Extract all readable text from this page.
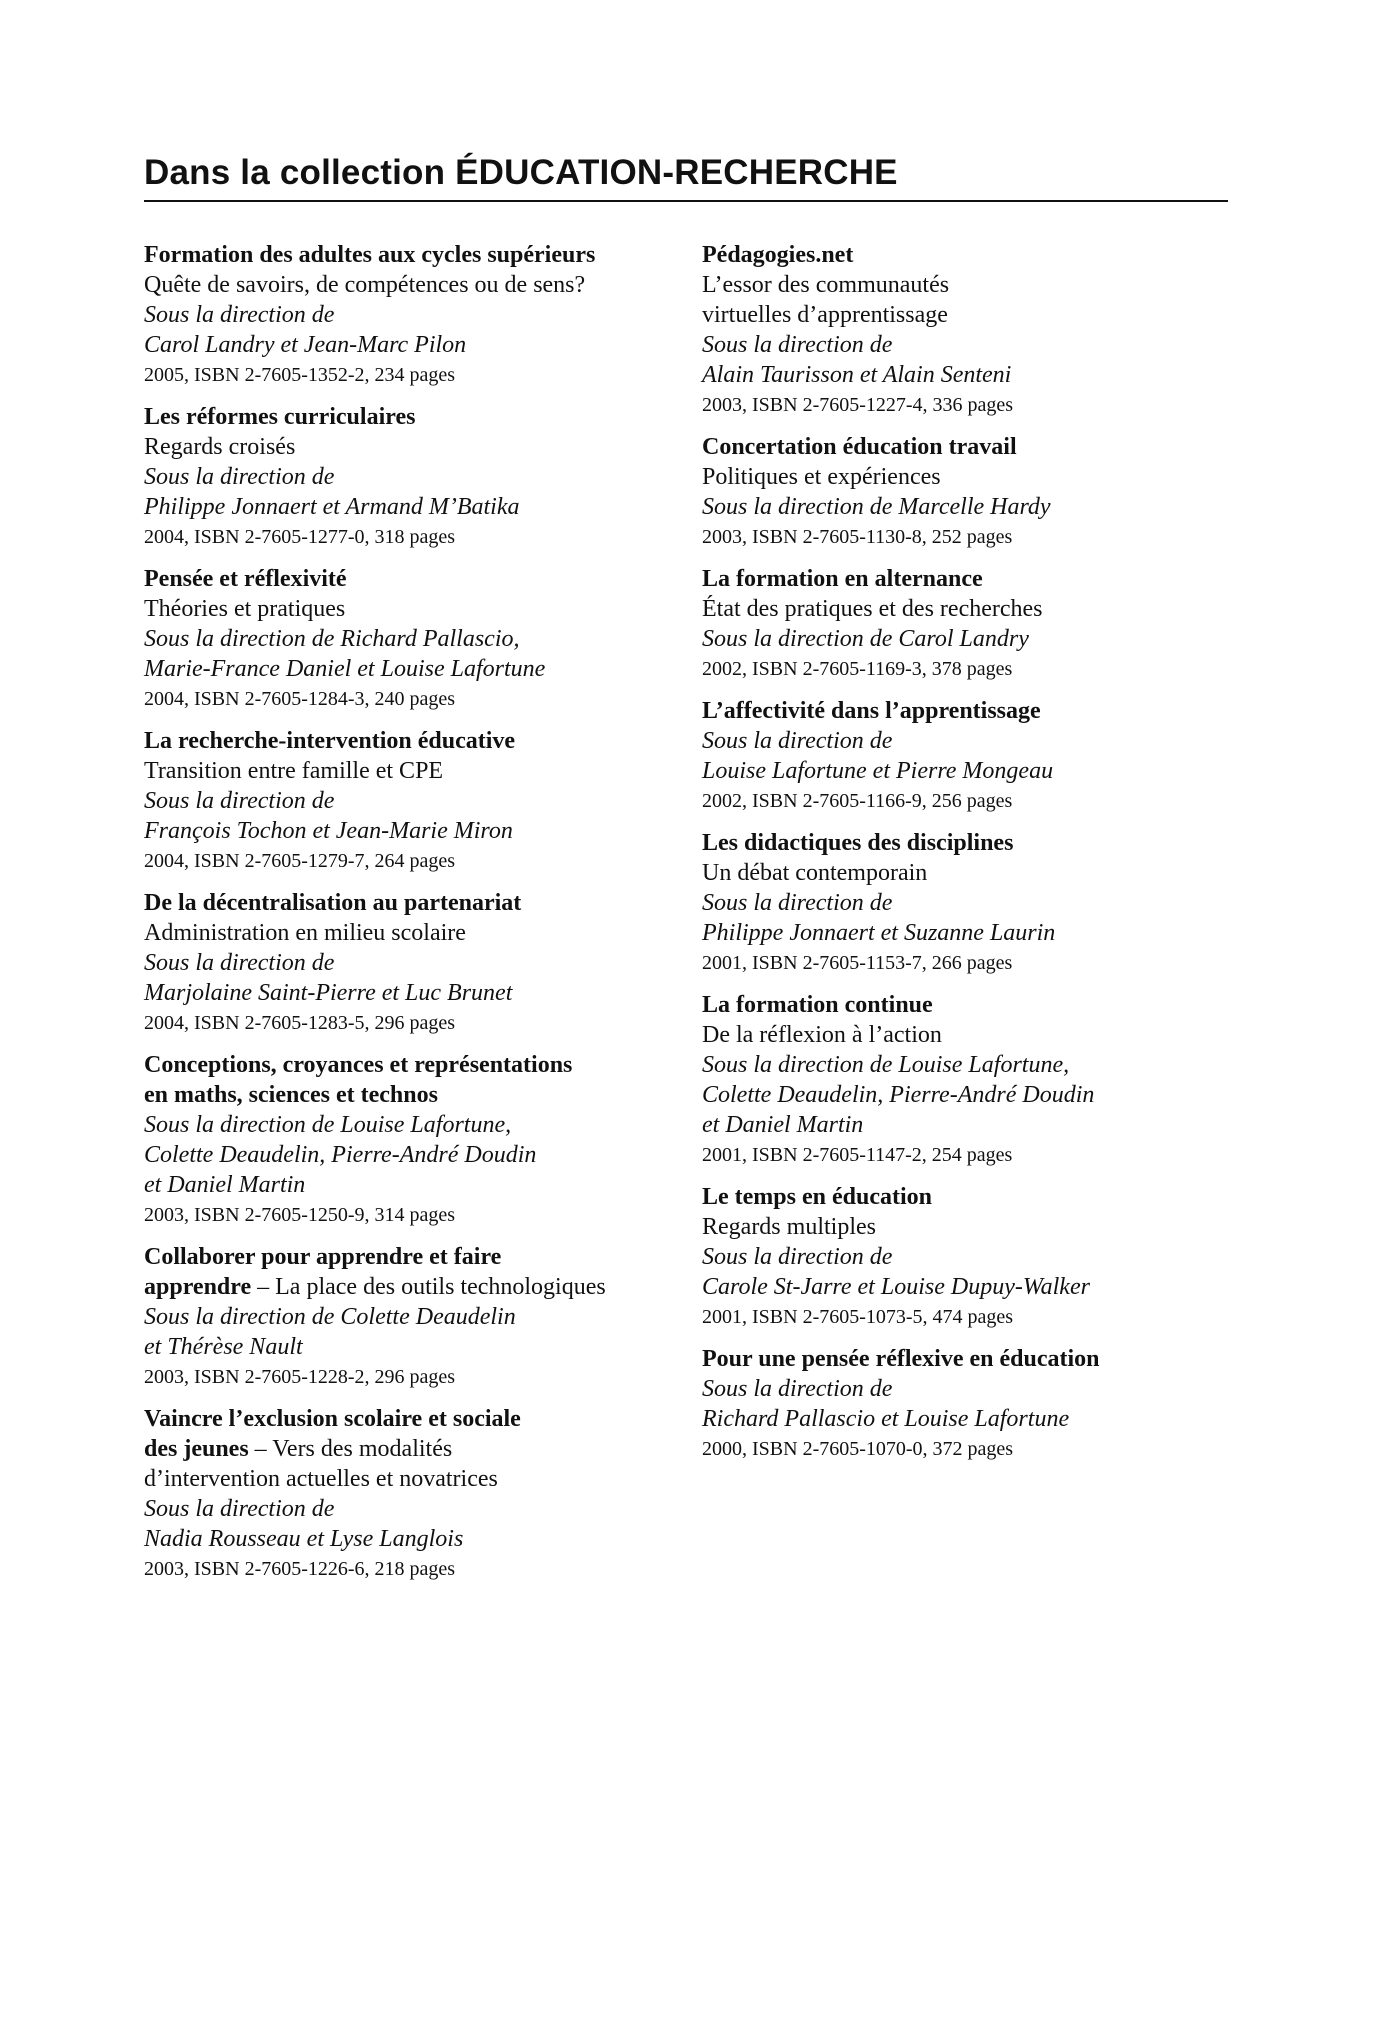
Dans la collection ÉDUCATION-RECHERCHE
Formation des adultes aux cycles supérieurs
Quête de savoirs, de compétences ou de sens?
Sous la direction de
Carol Landry et Jean-Marc Pilon
2005, ISBN 2-7605-1352-2, 234 pages
Les réformes curriculaires
Regards croisés
Sous la direction de
Philippe Jonnaert et Armand M’Batika
2004, ISBN 2-7605-1277-0, 318 pages
Pensée et réflexivité
Théories et pratiques
Sous la direction de Richard Pallascio,
Marie-France Daniel et Louise Lafortune
2004, ISBN 2-7605-1284-3, 240 pages
La recherche-intervention éducative
Transition entre famille et CPE
Sous la direction de
François Tochon et Jean-Marie Miron
2004, ISBN 2-7605-1279-7, 264 pages
De la décentralisation au partenariat
Administration en milieu scolaire
Sous la direction de
Marjolaine Saint-Pierre et Luc Brunet
2004, ISBN 2-7605-1283-5, 296 pages
Conceptions, croyances et représentations
en maths, sciences et technos
Sous la direction de Louise Lafortune,
Colette Deaudelin, Pierre-André Doudin
et Daniel Martin
2003, ISBN 2-7605-1250-9, 314 pages
Collaborer pour apprendre et faire
apprendre – La place des outils technologiques
Sous la direction de Colette Deaudelin
et Thérèse Nault
2003, ISBN 2-7605-1228-2, 296 pages
Vaincre l’exclusion scolaire et sociale
des jeunes – Vers des modalités
d’intervention actuelles et novatrices
Sous la direction de
Nadia Rousseau et Lyse Langlois
2003, ISBN 2-7605-1226-6, 218 pages
Pédagogies.net
L’essor des communautés
virtuelles d’apprentissage
Sous la direction de
Alain Taurisson et Alain Senteni
2003, ISBN 2-7605-1227-4, 336 pages
Concertation éducation travail
Politiques et expériences
Sous la direction de Marcelle Hardy
2003, ISBN 2-7605-1130-8, 252 pages
La formation en alternance
État des pratiques et des recherches
Sous la direction de Carol Landry
2002, ISBN 2-7605-1169-3, 378 pages
L’affectivité dans l’apprentissage
Sous la direction de
Louise Lafortune et Pierre Mongeau
2002, ISBN 2-7605-1166-9, 256 pages
Les didactiques des disciplines
Un débat contemporain
Sous la direction de
Philippe Jonnaert et Suzanne Laurin
2001, ISBN 2-7605-1153-7, 266 pages
La formation continue
De la réflexion à l’action
Sous la direction de Louise Lafortune,
Colette Deaudelin, Pierre-André Doudin
et Daniel Martin
2001, ISBN 2-7605-1147-2, 254 pages
Le temps en éducation
Regards multiples
Sous la direction de
Carole St-Jarre et Louise Dupuy-Walker
2001, ISBN 2-7605-1073-5, 474 pages
Pour une pensée réflexive en éducation
Sous la direction de
Richard Pallascio et Louise Lafortune
2000, ISBN 2-7605-1070-0, 372 pages
